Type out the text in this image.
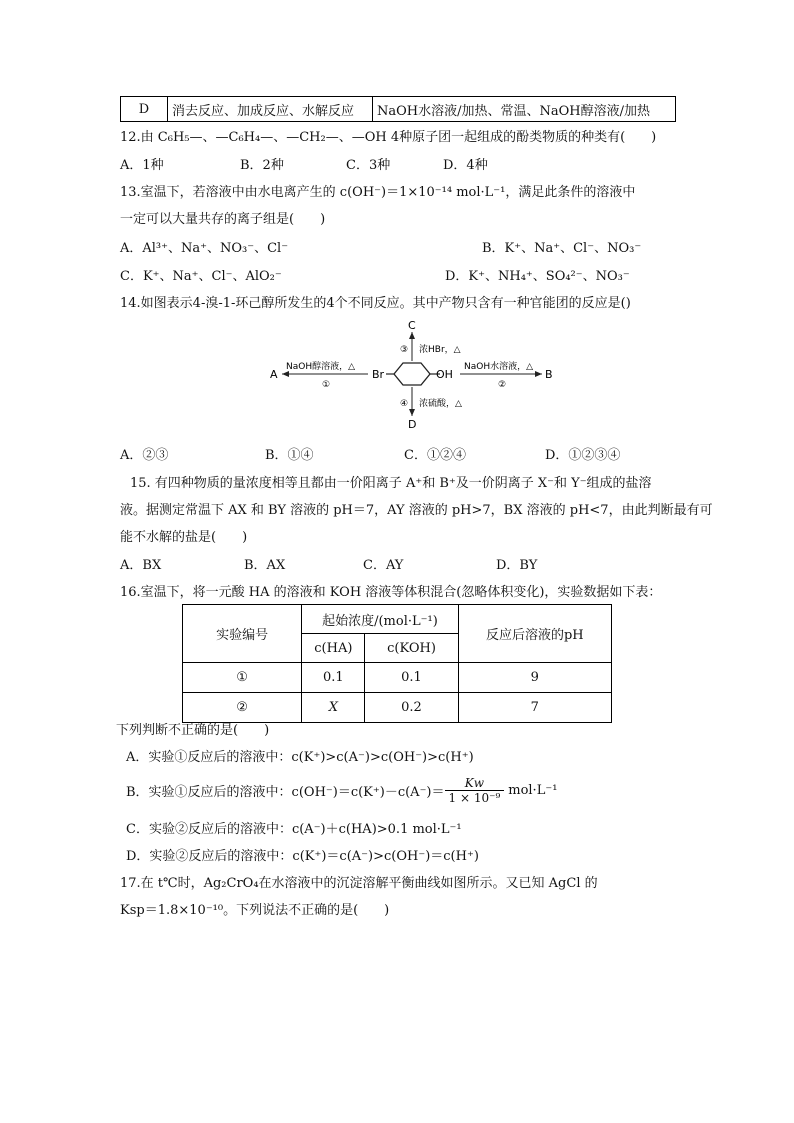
D	消去反应、加成反应、水解反应	NaOH水溶液/加热、常温、NaOH醇溶液/加热
12.由 C₆H₅—、—C₆H₄—、—CH₂—、—OH 4种原子团一起组成的酚类物质的种类有(　　)
A．1种	B．2种	C．3种	D．4种
13.室温下，若溶液中由水电离产生的 c(OH⁻)＝1×10⁻¹⁴ mol·L⁻¹，满足此条件的溶液中
一定可以大量共存的离子组是(　　)
A．Al³⁺、Na⁺、NO₃⁻、Cl⁻	B．K⁺、Na⁺、Cl⁻、NO₃⁻
C．K⁺、Na⁺、Cl⁻、AlO₂⁻	D．K⁺、NH₄⁺、SO₄²⁻、NO₃⁻
14.如图表示4-溴-1-环己醇所发生的4个不同反应。其中产物只含有一种官能团的反应是()
Br	OH
A
NaOH醇溶液，△
①
B
NaOH水溶液，△
②
C
③ 浓HBr，△
D
④ 浓硫酸，△
A．②③	B．①④	C．①②④	D．①②③④
15. 有四种物质的量浓度相等且都由一价阳离子 A⁺和 B⁺及一价阴离子 X⁻和 Y⁻组成的盐溶
液。据测定常温下 AX 和 BY 溶液的 pH＝7，AY 溶液的 pH>7，BX 溶液的 pH<7，由此判断最有可
能不水解的盐是(　　)
A．BX	B．AX	C．AY	D．BY
16.室温下，将一元酸 HA 的溶液和 KOH 溶液等体积混合(忽略体积变化)，实验数据如下表：
实验编号	起始浓度/(mol·L⁻¹)		反应后溶液的pH
	c(HA)	c(KOH)	
①	0.1	0.1	9
②	X	0.2	7
下列判断不正确的是(　　)
A．实验①反应后的溶液中：c(K⁺)>c(A⁻)>c(OH⁻)>c(H⁺)
B．实验①反应后的溶液中：$c(OH^-)=c(K^+)-c(A^-)= \frac{Kw}{\text{1 × 10⁻⁹}} mol\cdot L^{-1}$
C．实验②反应后的溶液中：c(A⁻)＋c(HA)>0.1 mol·L⁻¹
D．实验②反应后的溶液中：c(K⁺)＝c(A⁻)>c(OH⁻)＝c(H⁺)
17.在 t℃时，Ag₂CrO₄在水溶液中的沉淀溶解平衡曲线如图所示。又已知 AgCl 的
Ksp＝1.8×10⁻¹⁰。下列说法不正确的是(　　)
